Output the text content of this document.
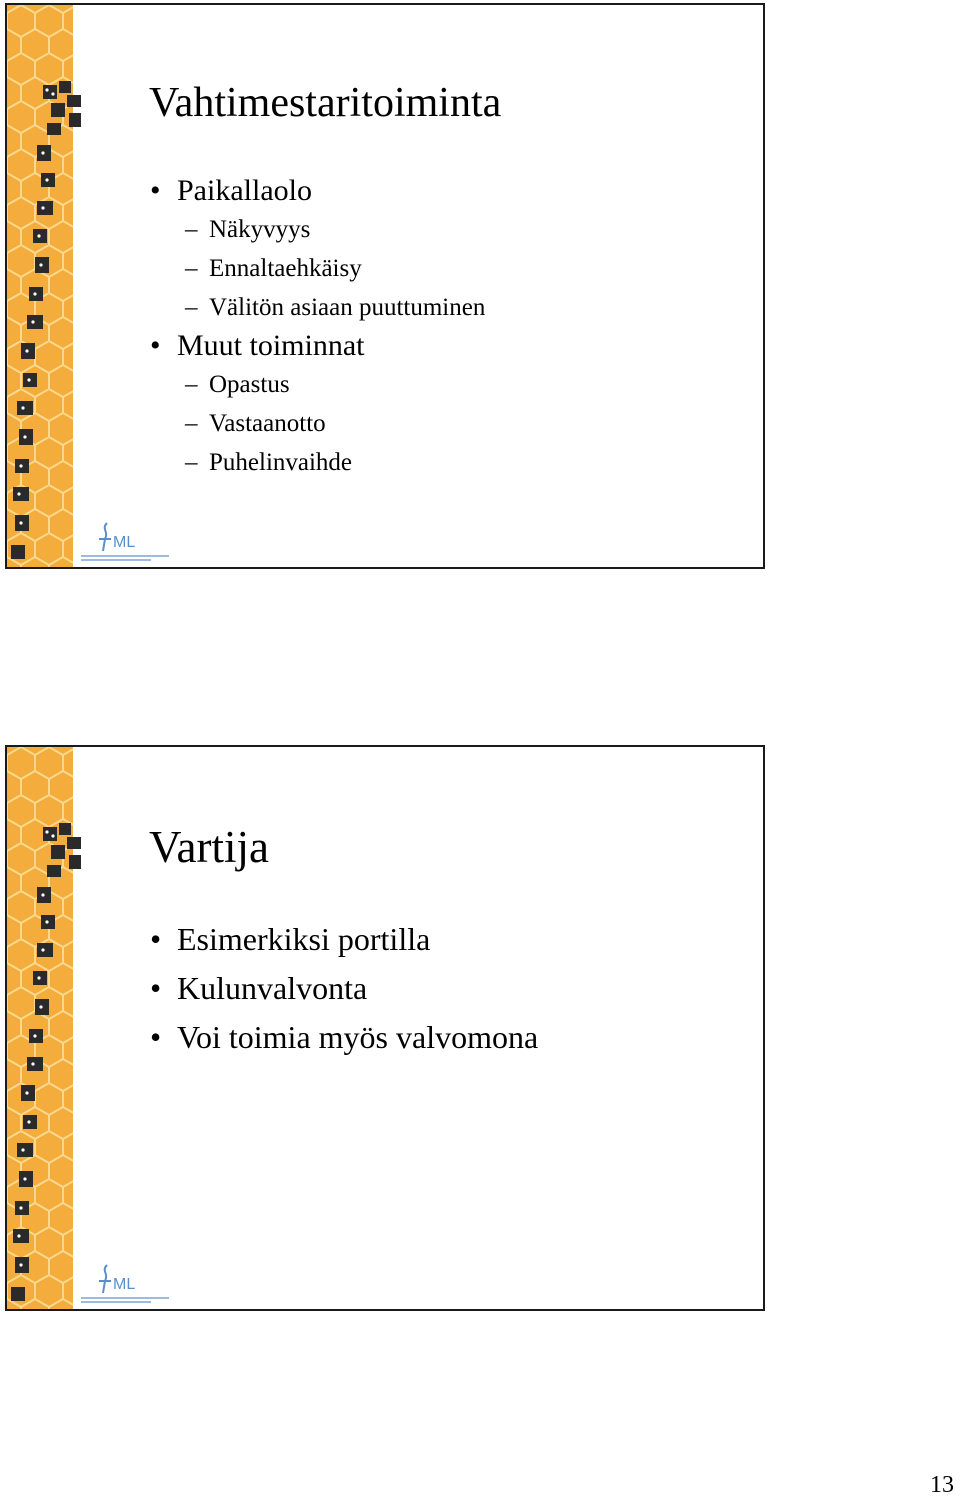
Vahtimestaritoiminta
• Paikallaolo
– Näkyvyys
– Ennaltaehkäisy
– Välitön asiaan puuttuminen
• Muut toiminnat
– Opastus
– Vastaanotto
– Puhelinvaihde
ML
Vartija
• Esimerkiksi portilla
• Kulunvalvonta
• Voi toimia myös valvomona
ML
13
